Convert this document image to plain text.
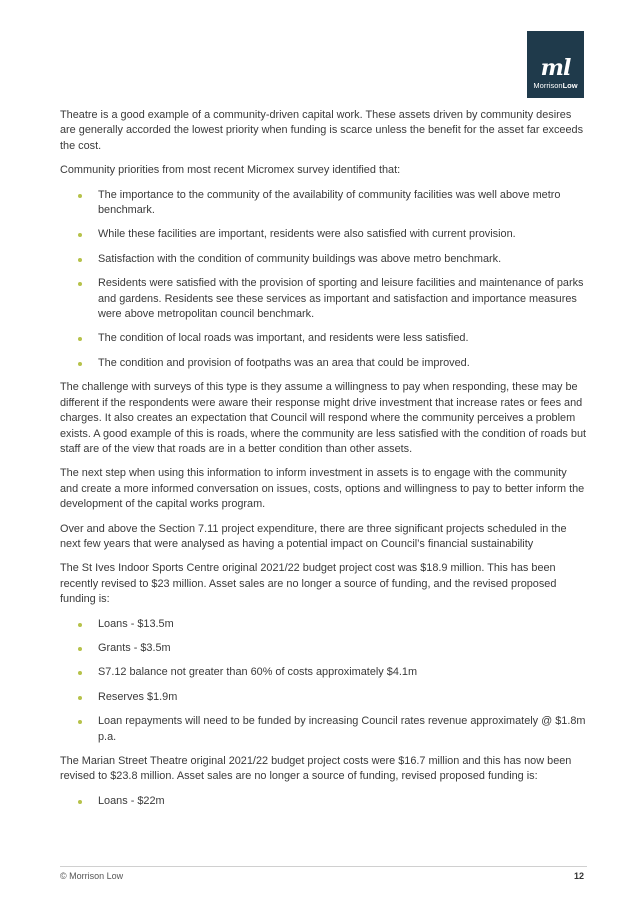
ml
MorrisonLow

Theatre is a good example of a community-driven capital work. These assets driven by community desires are generally accorded the lowest priority when funding is scarce unless the benefit for the asset far exceeds the cost.

Community priorities from most recent Micromex survey identified that:

The importance to the community of the availability of community facilities was well above metro benchmark.
While these facilities are important, residents were also satisfied with current provision.
Satisfaction with the condition of community buildings was above metro benchmark.
Residents were satisfied with the provision of sporting and leisure facilities and maintenance of parks and gardens. Residents see these services as important and satisfaction and importance measures were above metropolitan council benchmark.
The condition of local roads was important, and residents were less satisfied.
The condition and provision of footpaths was an area that could be improved.

The challenge with surveys of this type is they assume a willingness to pay when responding, these may be different if the respondents were aware their response might drive investment that increase rates or fees and charges. It also creates an expectation that Council will respond where the community perceives a problem exists. A good example of this is roads, where the community are less satisfied with the condition of roads but staff are of the view that roads are in a better condition than other assets.

The next step when using this information to inform investment in assets is to engage with the community and create a more informed conversation on issues, costs, options and willingness to pay to better inform the development of the capital works program.

Over and above the Section 7.11 project expenditure, there are three significant projects scheduled in the next few years that were analysed as having a potential impact on Council’s financial sustainability

The St Ives Indoor Sports Centre original 2021/22 budget project cost was $18.9 million. This has been recently revised to $23 million. Asset sales are no longer a source of funding, and the revised proposed funding is:

Loans - $13.5m
Grants - $3.5m
S7.12 balance not greater than 60% of costs approximately $4.1m
Reserves $1.9m
Loan repayments will need to be funded by increasing Council rates revenue approximately @ $1.8m p.a.

The Marian Street Theatre original 2021/22 budget project costs were $16.7 million and this has now been revised to $23.8 million. Asset sales are no longer a source of funding, revised proposed funding is:

Loans - $22m
© Morrison Low	12
